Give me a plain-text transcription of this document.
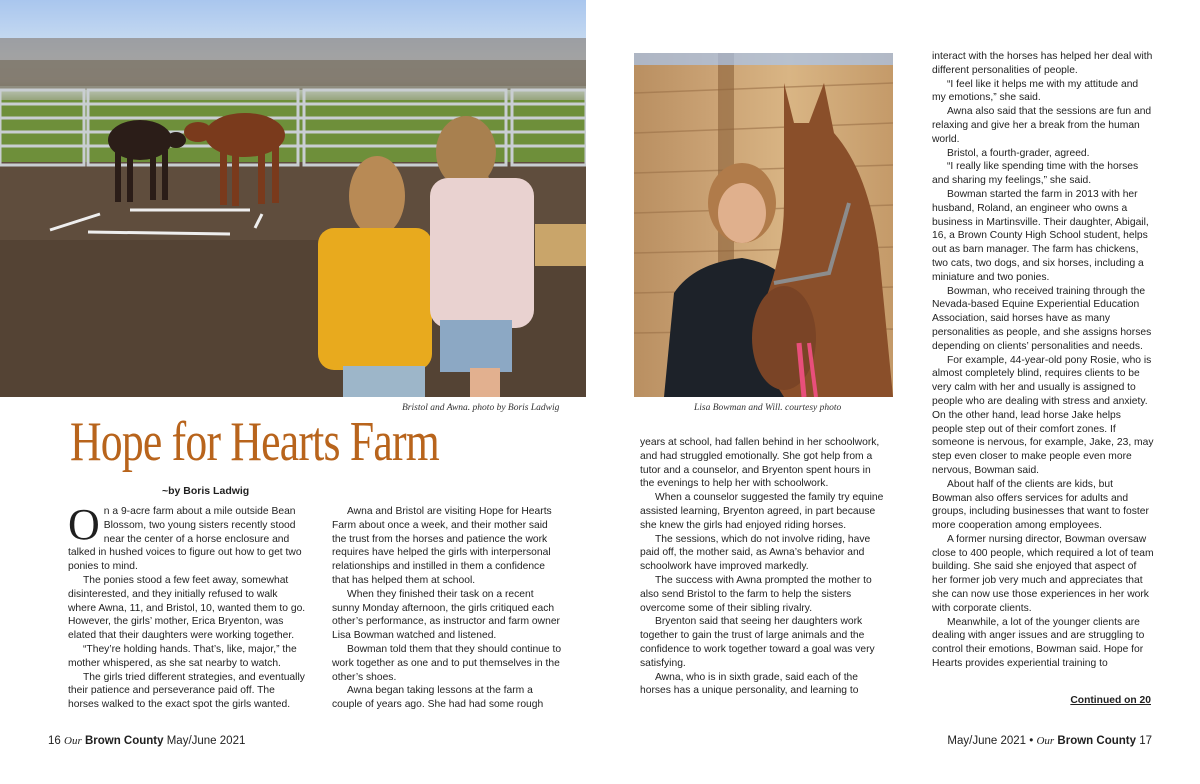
Bristol and Awna. photo by Boris Ladwig
Hope for Hearts Farm
~by Boris Ladwig

On a 9-acre farm about a mile outside Bean Blossom, two young sisters recently stood near the center of a horse enclosure and talked in hushed voices to figure out how to get two ponies to mind.

The ponies stood a few feet away, somewhat disinterested, and they initially refused to walk where Awna, 11, and Bristol, 10, wanted them to go. However, the girls’ mother, Erica Bryenton, was elated that their daughters were working together.

“They’re holding hands. That’s, like, major,” the mother whispered, as she sat nearby to watch.

The girls tried different strategies, and eventually their patience and perseverance paid off. The horses walked to the exact spot the girls wanted.

Awna and Bristol are visiting Hope for Hearts Farm about once a week, and their mother said the trust from the horses and patience the work requires have helped the girls with interpersonal relationships and instilled in them a confidence that has helped them at school.

When they finished their task on a recent sunny Monday afternoon, the girls critiqued each other’s performance, as instructor and farm owner Lisa Bowman watched and listened.

Bowman told them that they should continue to work together as one and to put themselves in the other’s shoes.

Awna began taking lessons at the farm a couple of years ago. She had had some rough

16 Our Brown County May/June 2021
Lisa Bowman and Will. courtesy photo

years at school, had fallen behind in her schoolwork, and had struggled emotionally. She got help from a tutor and a counselor, and Bryenton spent hours in the evenings to help her with schoolwork.

When a counselor suggested the family try equine assisted learning, Bryenton agreed, in part because she knew the girls had enjoyed riding horses.

The sessions, which do not involve riding, have paid off, the mother said, as Awna’s behavior and schoolwork have improved markedly.

The success with Awna prompted the mother to also send Bristol to the farm to help the sisters overcome some of their sibling rivalry.

Bryenton said that seeing her daughters work together to gain the trust of large animals and the confidence to work together toward a goal was very satisfying.

Awna, who is in sixth grade, said each of the horses has a unique personality, and learning to

interact with the horses has helped her deal with different personalities of people.

“I feel like it helps me with my attitude and my emotions,” she said.

Awna also said that the sessions are fun and relaxing and give her a break from the human world.

Bristol, a fourth-grader, agreed.

“I really like spending time with the horses and sharing my feelings,” she said.

Bowman started the farm in 2013 with her husband, Roland, an engineer who owns a business in Martinsville. Their daughter, Abigail, 16, a Brown County High School student, helps out as barn manager. The farm has chickens, two cats, two dogs, and six horses, including a miniature and two ponies.

Bowman, who received training through the Nevada-based Equine Experiential Education Association, said horses have as many personalities as people, and she assigns horses depending on clients’ personalities and needs.

For example, 44-year-old pony Rosie, who is almost completely blind, requires clients to be very calm with her and usually is assigned to people who are dealing with stress and anxiety. On the other hand, lead horse Jake helps people step out of their comfort zones. If someone is nervous, for example, Jake, 23, may step even closer to make people even more nervous, Bowman said.

About half of the clients are kids, but Bowman also offers services for adults and groups, including businesses that want to foster more cooperation among employees.

A former nursing director, Bowman oversaw close to 400 people, which required a lot of team building. She said she enjoyed that aspect of her former job very much and appreciates that she can now use those experiences in her work with corporate clients.

Meanwhile, a lot of the younger clients are dealing with anger issues and are struggling to control their emotions, Bowman said. Hope for Hearts provides experiential training to

Continued on 20
May/June 2021 • Our Brown County 17
